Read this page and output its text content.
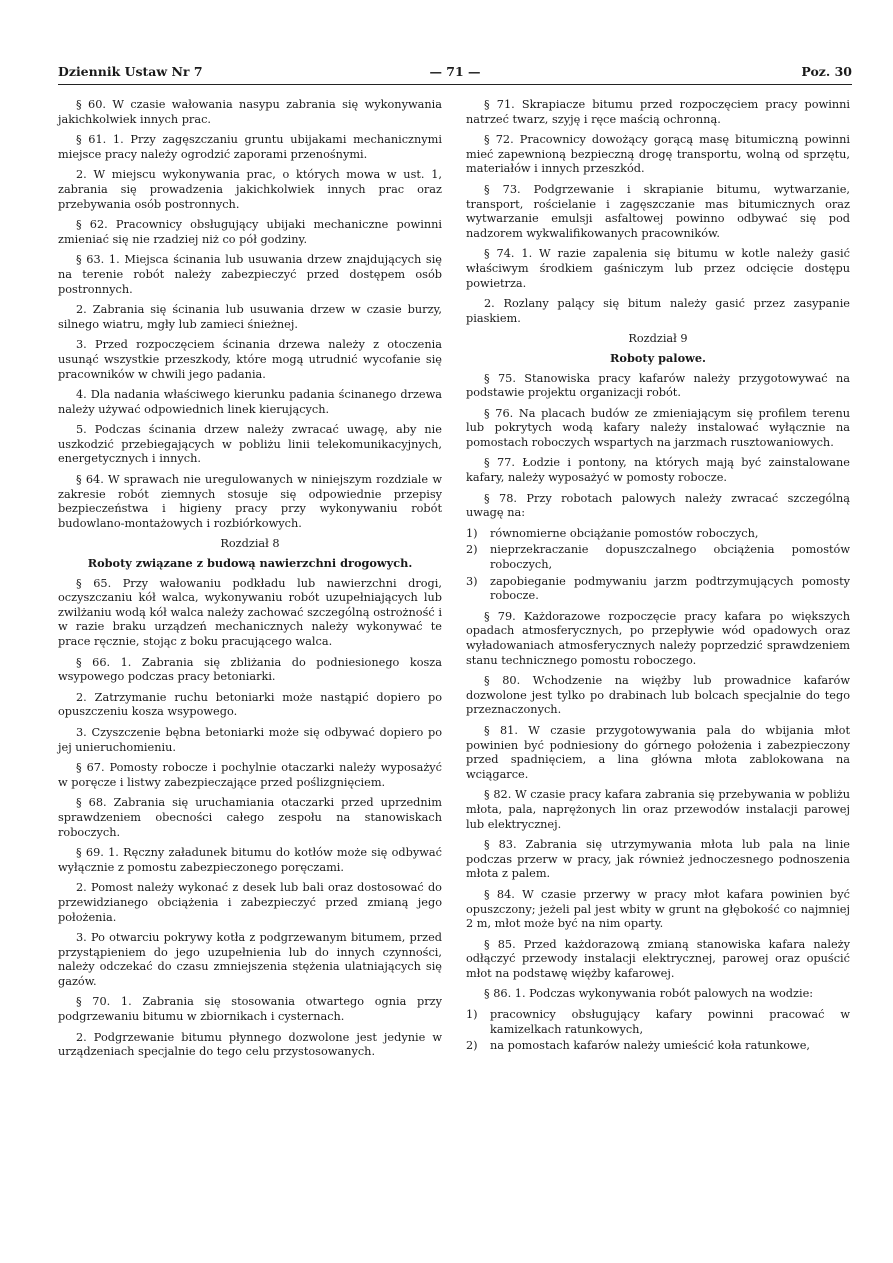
Dziennik Ustaw Nr 7	— 71 —	Poz. 30

§ 60. W czasie wałowania nasypu zabrania się wykonywania jakichkolwiek innych prac.

§ 61. 1. Przy zagęszczaniu gruntu ubijakami mechanicznymi miejsce pracy należy ogrodzić zaporami przenośnymi.

2. W miejscu wykonywania prac, o których mowa w ust. 1, zabrania się prowadzenia jakichkolwiek innych prac oraz przebywania osób postronnych.

§ 62. Pracownicy obsługujący ubijaki mechaniczne powinni zmieniać się nie rzadziej niż co pół godziny.

§ 63. 1. Miejsca ścinania lub usuwania drzew znajdujących się na terenie robót należy zabezpieczyć przed dostępem osób postronnych.

2. Zabrania się ścinania lub usuwania drzew w czasie burzy, silnego wiatru, mgły lub zamieci śnieżnej.

3. Przed rozpoczęciem ścinania drzewa należy z otoczenia usunąć wszystkie przeszkody, które mogą utrudnić wycofanie się pracowników w chwili jego padania.

4. Dla nadania właściwego kierunku padania ścinanego drzewa należy używać odpowiednich linek kierujących.

5. Podczas ścinania drzew należy zwracać uwagę, aby nie uszkodzić przebiegających w pobliżu linii telekomunikacyjnych, energetycznych i innych.

§ 64. W sprawach nie uregulowanych w niniejszym rozdziale w zakresie robót ziemnych stosuje się odpowiednie przepisy bezpieczeństwa i higieny pracy przy wykonywaniu robót budowlano-montażowych i rozbiórkowych.

Rozdział 8
Roboty związane z budową nawierzchni drogowych.

§ 65. Przy wałowaniu podkładu lub nawierzchni drogi, oczyszczaniu kół walca, wykonywaniu robót uzupełniających lub zwilżaniu wodą kół walca należy zachować szczególną ostrożność i w razie braku urządzeń mechanicznych należy wykonywać te prace ręcznie, stojąc z boku pracującego walca.

§ 66. 1. Zabrania się zbliżania do podniesionego kosza wsypowego podczas pracy betoniarki.

2. Zatrzymanie ruchu betoniarki może nastąpić dopiero po opuszczeniu kosza wsypowego.

3. Czyszczenie bębna betoniarki może się odbywać dopiero po jej unieruchomieniu.

§ 67. Pomosty robocze i pochylnie otaczarki należy wyposażyć w poręcze i listwy zabezpieczające przed poślizgnięciem.

§ 68. Zabrania się uruchamiania otaczarki przed uprzednim sprawdzeniem obecności całego zespołu na stanowiskach roboczych.

§ 69. 1. Ręczny załadunek bitumu do kotłów może się odbywać wyłącznie z pomostu zabezpieczonego poręczami.

2. Pomost należy wykonać z desek lub bali oraz dostosować do przewidzianego obciążenia i zabezpieczyć przed zmianą jego położenia.

3. Po otwarciu pokrywy kotła z podgrzewanym bitumem, przed przystąpieniem do jego uzupełnienia lub do innych czynności, należy odczekać do czasu zmniejszenia stężenia ulatniających się gazów.

§ 70. 1. Zabrania się stosowania otwartego ognia przy podgrzewaniu bitumu w zbiornikach i cysternach.

2. Podgrzewanie bitumu płynnego dozwolone jest jedynie w urządzeniach specjalnie do tego celu przystosowanych.

§ 71. Skrapiacze bitumu przed rozpoczęciem pracy powinni natrzeć twarz, szyję i ręce maścią ochronną.

§ 72. Pracownicy dowożący gorącą masę bitumiczną powinni mieć zapewnioną bezpieczną drogę transportu, wolną od sprzętu, materiałów i innych przeszkód.

§ 73. Podgrzewanie i skrapianie bitumu, wytwarzanie, transport, rościelanie i zagęszczanie mas bitumicznych oraz wytwarzanie emulsji asfaltowej powinno odbywać się pod nadzorem wykwalifikowanych pracowników.

§ 74. 1. W razie zapalenia się bitumu w kotle należy gasić właściwym środkiem gaśniczym lub przez odcięcie dostępu powietrza.

2. Rozlany palący się bitum należy gasić przez zasypanie piaskiem.

Rozdział 9
Roboty palowe.

§ 75. Stanowiska pracy kafarów należy przygotowywać na podstawie projektu organizacji robót.

§ 76. Na placach budów ze zmieniającym się profilem terenu lub pokrytych wodą kafary należy instalować wyłącznie na pomostach roboczych wspartych na jarzmach rusztowaniowych.

§ 77. Łodzie i pontony, na których mają być zainstalowane kafary, należy wyposażyć w pomosty robocze.

§ 78. Przy robotach palowych należy zwracać szczególną uwagę na:

1)	równomierne obciążanie pomostów roboczych,
2)	nieprzekraczanie dopuszczalnego obciążenia pomostów roboczych,
3)	zapobieganie podmywaniu jarzm podtrzymujących pomosty robocze.

§ 79. Każdorazowe rozpoczęcie pracy kafara po większych opadach atmosferycznych, po przepływie wód opadowych oraz wyładowaniach atmosferycznych należy poprzedzić sprawdzeniem stanu technicznego pomostu roboczego.

§ 80. Wchodzenie na więżby lub prowadnice kafarów dozwolone jest tylko po drabinach lub bolcach specjalnie do tego przeznaczonych.

§ 81. W czasie przygotowywania pala do wbijania młot powinien być podniesiony do górnego położenia i zabezpieczony przed spadnięciem, a lina główna młota zablokowana na wciągarce.

§ 82. W czasie pracy kafara zabrania się przebywania w pobliżu młota, pala, naprężonych lin oraz przewodów instalacji parowej lub elektrycznej.

§ 83. Zabrania się utrzymywania młota lub pala na linie podczas przerw w pracy, jak również jednoczesnego podnoszenia młota z palem.

§ 84. W czasie przerwy w pracy młot kafara powinien być opuszczony; jeżeli pal jest wbity w grunt na głębokość co najmniej 2 m, młot może być na nim oparty.

§ 85. Przed każdorazową zmianą stanowiska kafara należy odłączyć przewody instalacji elektrycznej, parowej oraz opuścić młot na podstawę więżby kafarowej.

§ 86. 1. Podczas wykonywania robót palowych na wodzie:

1)	pracownicy obsługujący kafary powinni pracować w kamizelkach ratunkowych,
2)	na pomostach kafarów należy umieścić koła ratunkowe,
